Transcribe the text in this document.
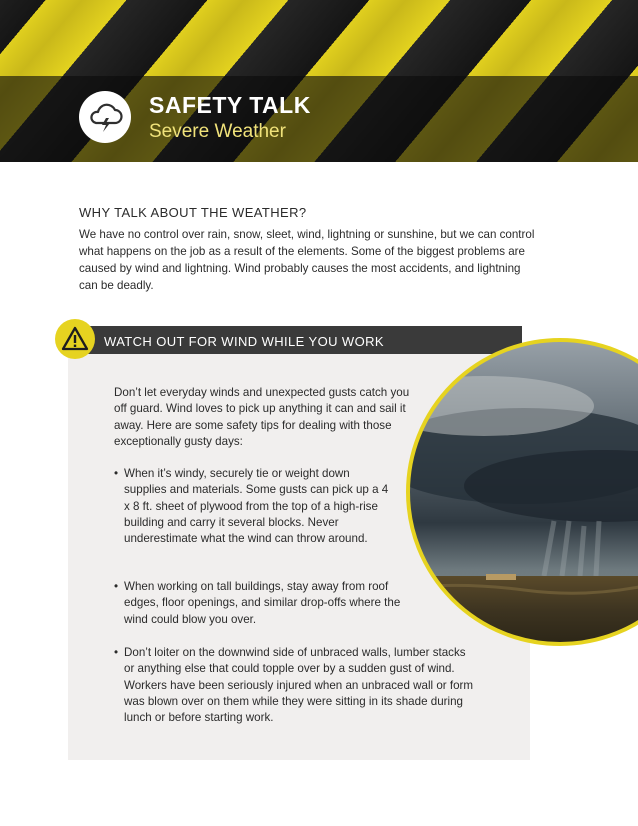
SAFETY TALK
Severe Weather
WHY TALK ABOUT THE WEATHER?

We have no control over rain, snow, sleet, wind, lightning or sunshine, but we can control what happens on the job as a result of the elements. Some of the biggest problems are caused by wind and lightning. Wind probably causes the most accidents, and lightning can be deadly.

WATCH OUT FOR WIND WHILE YOU WORK

Don’t let everyday winds and unexpected gusts catch you off guard. Wind loves to pick up anything it can and sail it away. Here are some safety tips for dealing with those exceptionally gusty days:

• When it’s windy, securely tie or weight down supplies and materials. Some gusts can pick up a 4 x 8 ft. sheet of plywood from the top of a high-rise building and carry it several blocks. Never underestimate what the wind can throw around.
• When working on tall buildings, stay away from roof edges, floor openings, and similar drop-offs where the wind could blow you over.
• Don’t loiter on the downwind side of unbraced walls, lumber stacks or anything else that could topple over by a sudden gust of wind. Workers have been seriously injured when an unbraced wall or form was blown over on them while they were sitting in its shade during lunch or before starting work.
